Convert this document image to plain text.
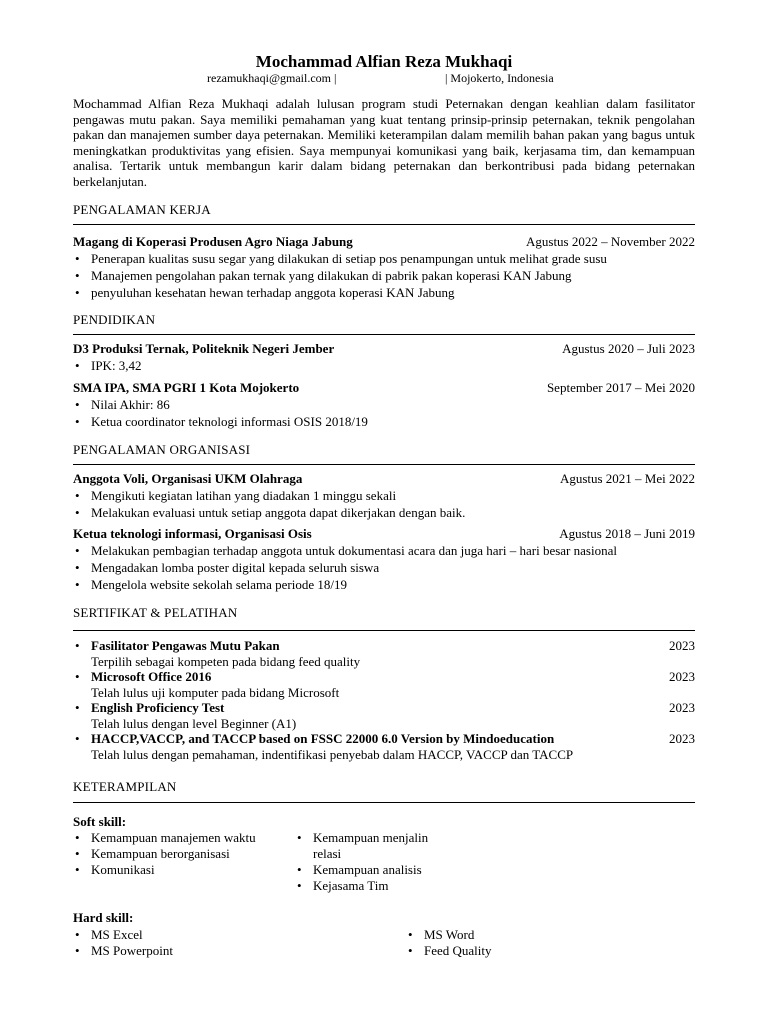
Mochammad Alfian Reza Mukhaqi
rezamukhaqi@gmail.com |	| Mojokerto, Indonesia
Mochammad Alfian Reza Mukhaqi adalah lulusan program studi Peternakan dengan keahlian dalam fasilitator pengawas mutu pakan. Saya memiliki pemahaman yang kuat tentang prinsip-prinsip peternakan, teknik pengolahan pakan dan manajemen sumber daya peternakan. Memiliki keterampilan dalam memilih bahan pakan yang bagus untuk meningkatkan produktivitas yang efisien. Saya mempunyai komunikasi yang baik, kerjasama tim, dan kemampuan analisa. Tertarik untuk membangun karir dalam bidang peternakan dan berkontribusi pada bidang peternakan berkelanjutan.
PENGALAMAN KERJA
Magang di Koperasi Produsen Agro Niaga Jabung	Agustus 2022 – November 2022
• Penerapan kualitas susu segar yang dilakukan di setiap pos penampungan untuk melihat grade susu
• Manajemen pengolahan pakan ternak yang dilakukan di pabrik pakan koperasi KAN Jabung
• penyuluhan kesehatan hewan terhadap anggota koperasi KAN Jabung
PENDIDIKAN
D3 Produksi Ternak, Politeknik Negeri Jember	Agustus 2020 – Juli 2023
• IPK: 3,42
SMA IPA, SMA PGRI 1 Kota Mojokerto	September 2017 – Mei 2020
• Nilai Akhir: 86
• Ketua coordinator teknologi informasi OSIS 2018/19
PENGALAMAN ORGANISASI
Anggota Voli, Organisasi UKM Olahraga	Agustus 2021 – Mei 2022
• Mengikuti kegiatan latihan yang diadakan 1 minggu sekali
• Melakukan evaluasi untuk setiap anggota dapat dikerjakan dengan baik.
Ketua teknologi informasi, Organisasi Osis	Agustus 2018 – Juni 2019
• Melakukan pembagian terhadap anggota untuk dokumentasi acara dan juga hari – hari besar nasional
• Mengadakan lomba poster digital kepada seluruh siswa
• Mengelola website sekolah selama periode 18/19
SERTIFIKAT & PELATIHAN
• Fasilitator Pengawas Mutu Pakan	2023
Terpilih sebagai kompeten pada bidang feed quality
• Microsoft Office 2016	2023
Telah lulus uji komputer pada bidang Microsoft
• English Proficiency Test	2023
Telah lulus dengan level Beginner (A1)
• HACCP,VACCP, and TACCP based on FSSC 22000 6.0 Version by Mindoeducation	2023
Telah lulus dengan pemahaman, indentifikasi penyebab dalam HACCP, VACCP dan TACCP
KETERAMPILAN
Soft skill:
• Kemampuan manajemen waktu
• Kemampuan berorganisasi
• Komunikasi
• Kemampuan menjalin relasi
• Kemampuan analisis
• Kejasama Tim
Hard skill:
• MS Excel
• MS Powerpoint
• MS Word
• Feed Quality
